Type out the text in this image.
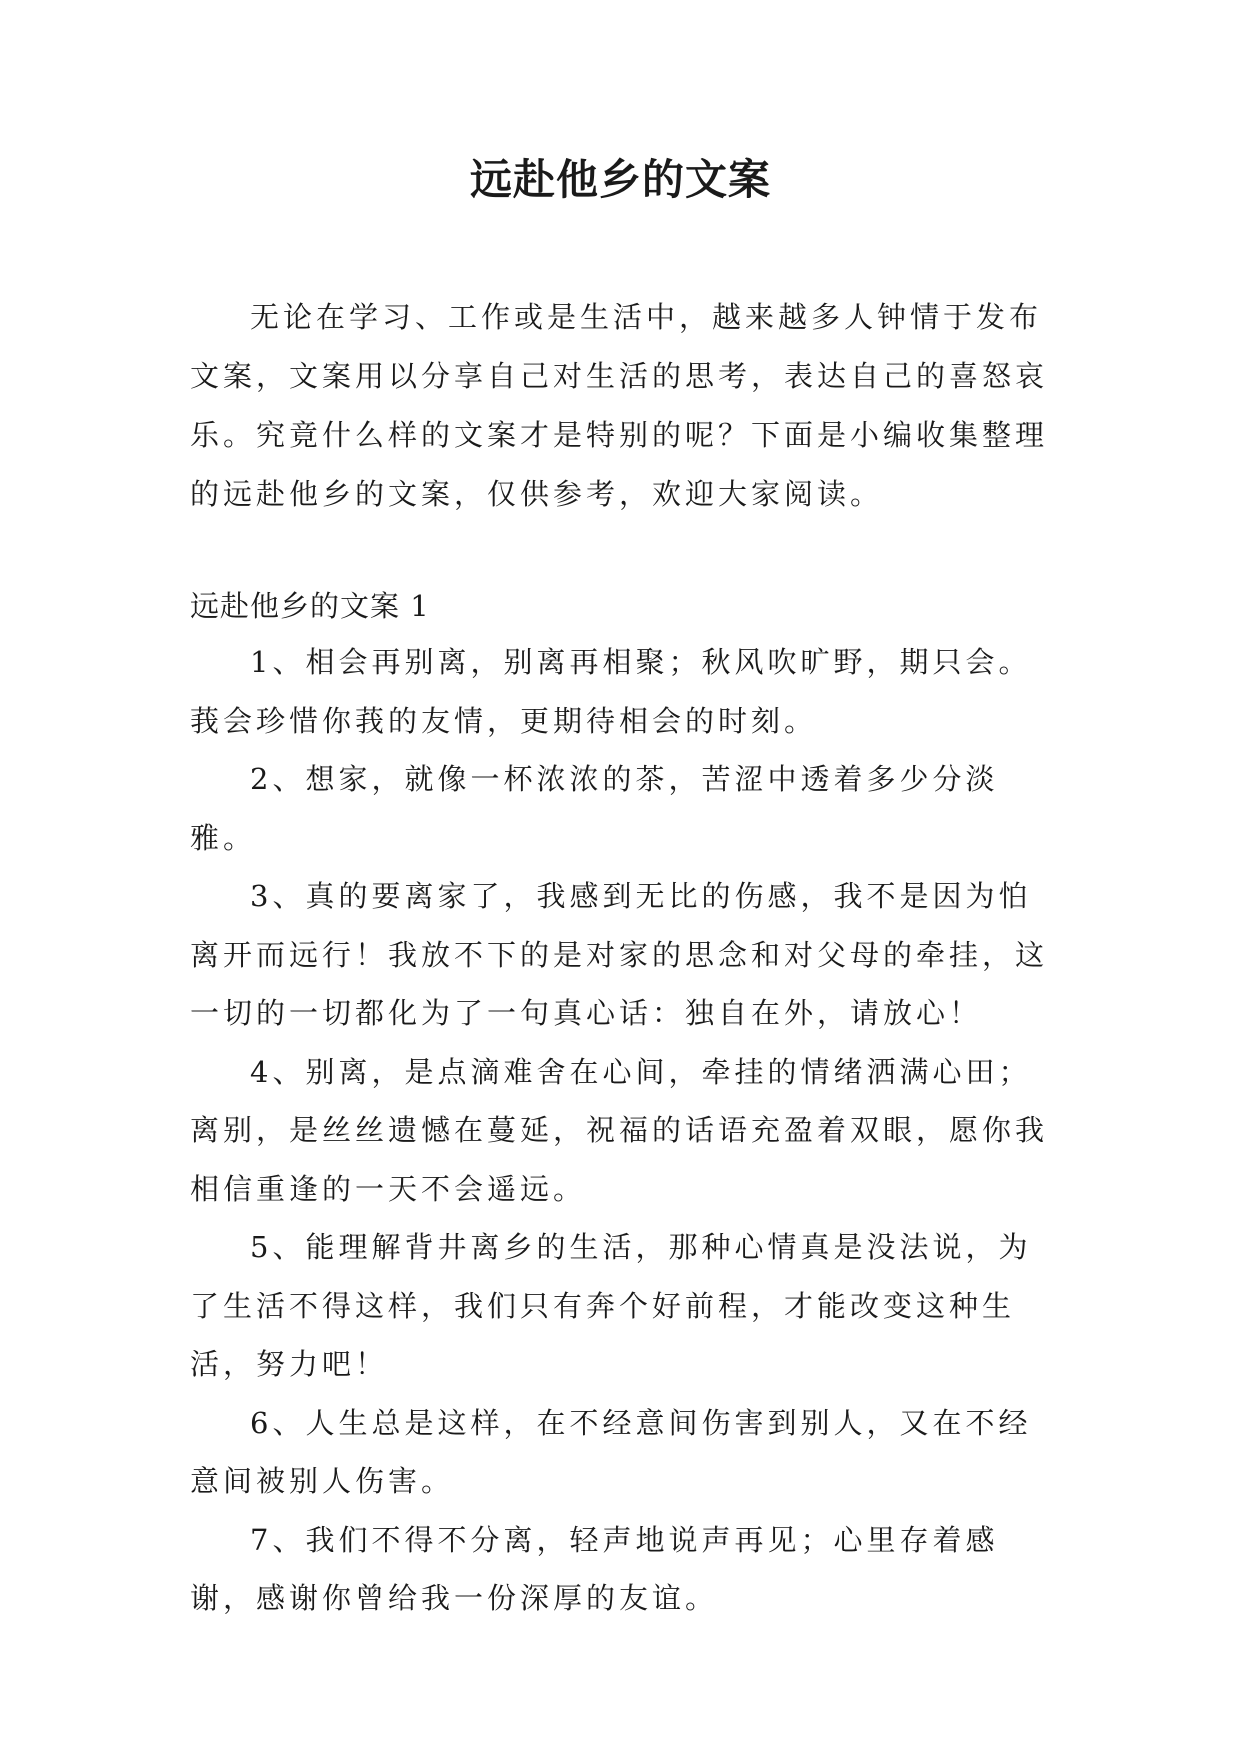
远赴他乡的文案

无论在学习、工作或是生活中，越来越多人钟情于发布文案，文案用以分享自己对生活的思考，表达自己的喜怒哀乐。究竟什么样的文案才是特别的呢？下面是小编收集整理的远赴他乡的文案，仅供参考，欢迎大家阅读。

远赴他乡的文案 1

1、相会再别离，别离再相聚；秋风吹旷野，期只会。莪会珍惜你莪的友情，更期待相会的时刻。

2、想家，就像一杯浓浓的茶，苦涩中透着多少分淡雅。

3、真的要离家了，我感到无比的伤感，我不是因为怕离开而远行！我放不下的是对家的思念和对父母的牵挂，这一切的一切都化为了一句真心话：独自在外，请放心！

4、别离，是点滴难舍在心间，牵挂的情绪洒满心田；离别，是丝丝遗憾在蔓延，祝福的话语充盈着双眼，愿你我相信重逢的一天不会遥远。

5、能理解背井离乡的生活，那种心情真是没法说，为了生活不得这样，我们只有奔个好前程，才能改变这种生活，努力吧！

6、人生总是这样，在不经意间伤害到别人，又在不经意间被别人伤害。

7、我们不得不分离，轻声地说声再见；心里存着感谢，感谢你曾给我一份深厚的友谊。
